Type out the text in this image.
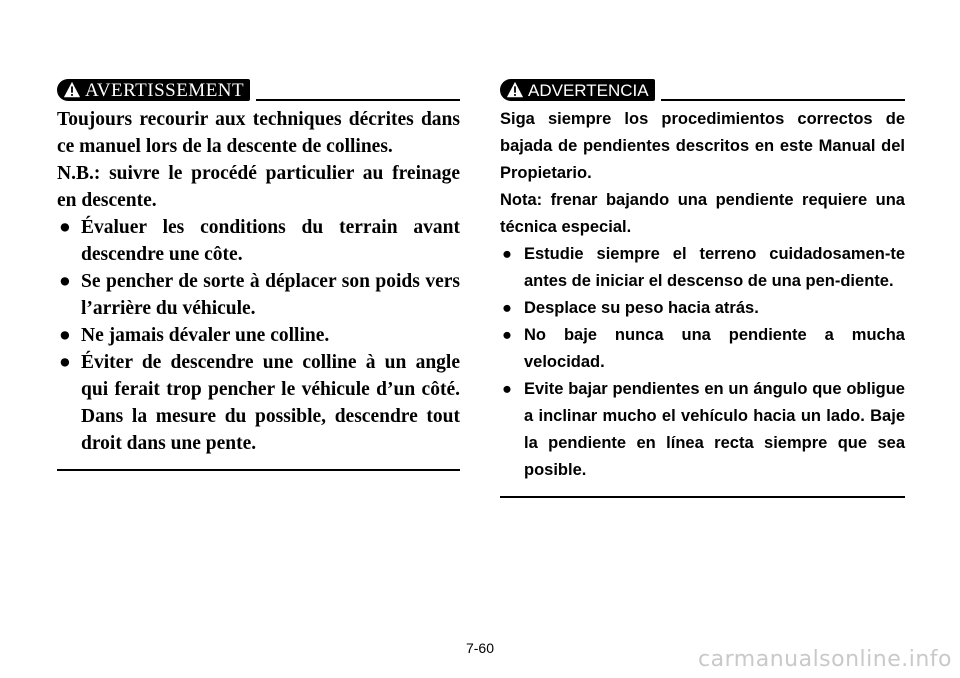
AVERTISSEMENT

Toujours recourir aux techniques décrites dans ce manuel lors de la descente de collines.

N.B.: suivre le procédé particulier au freinage en descente.

● Évaluer les conditions du terrain avant descendre une côte.

● Se pencher de sorte à déplacer son poids vers l’arrière du véhicule.

● Ne jamais dévaler une colline.

● Éviter de descendre une colline à un angle qui ferait trop pencher le véhicule d’un côté. Dans la mesure du possible, descendre tout droit dans une pente.

ADVERTENCIA

Siga siempre los procedimientos correctos de bajada de pendientes descritos en este Manual del Propietario.

Nota: frenar bajando una pendiente requiere una técnica especial.

● Estudie siempre el terreno cuidadosamen-te antes de iniciar el descenso de una pen-diente.

● Desplace su peso hacia atrás.

● No baje nunca una pendiente a mucha velocidad.

● Evite bajar pendientes en un ángulo que obligue a inclinar mucho el vehículo hacia un lado. Baje la pendiente en línea recta siempre que sea posible.

7-60	carmanualsonline.info
